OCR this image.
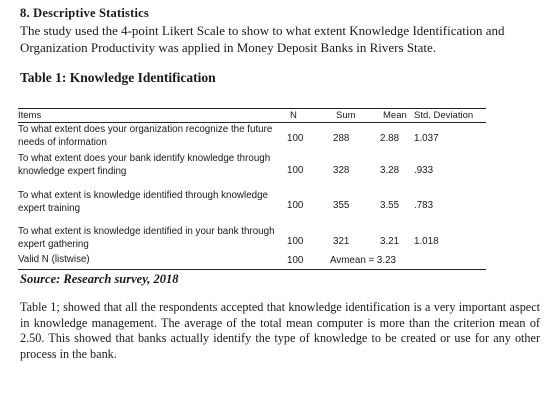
8. Descriptive Statistics
The study used the 4-point Likert Scale to show to what extent Knowledge Identification and Organization Productivity was applied in Money Deposit Banks in Rivers State.
Table 1: Knowledge Identification
Items	N	Sum	Mean Std. Deviation
To what extent does your organization recognize the future needs of information	100	288	2.88 1.037
To what extent does your bank identify knowledge through knowledge expert finding	100	328	3.28 .933
To what extent is knowledge identified through knowledge expert training	100	355	3.55 .783
To what extent is knowledge identified in your bank through expert gathering	100	321	3.21 1.018
Valid N (listwise)	100	Avmean = 3.23
Source: Research survey, 2018
Table 1; showed that all the respondents accepted that knowledge identification is a very important aspect in knowledge management. The average of the total mean computer is more than the criterion mean of 2.50. This showed that banks actually identify the type of knowledge to be created or use for any other process in the bank.
